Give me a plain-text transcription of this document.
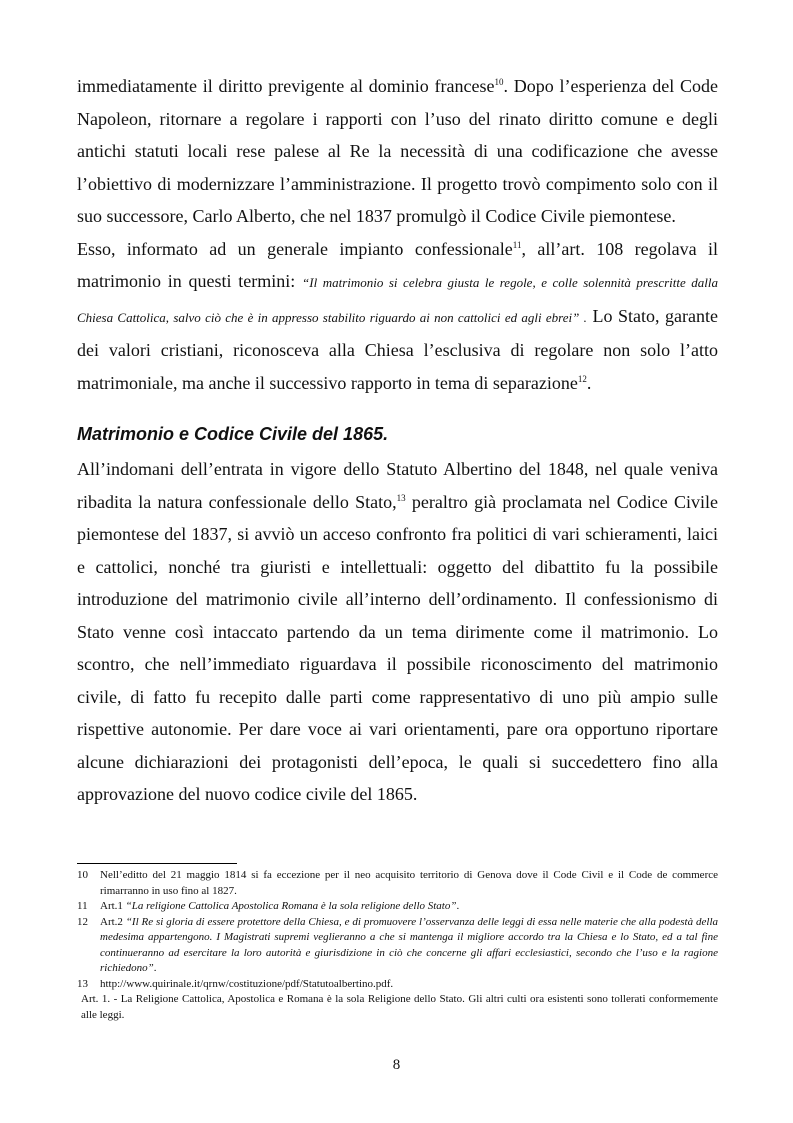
immediatamente il diritto previgente al dominio francese$^{10}$. Dopo l’esperienza del Code Napoleon, ritornare a regolare i rapporti con l’uso del rinato diritto comune e degli antichi statuti locali rese palese al Re la necessità di una codificazione che avesse l’obiettivo di modernizzare l’amministrazione. Il progetto trovò compimento solo con il suo successore, Carlo Alberto, che nel 1837 promulgò il Codice Civile piemontese.

Esso, informato ad un generale impianto confessionale$^{11}$, all’art. 108 regolava il matrimonio in questi termini: “Il matrimonio si celebra giusta le regole, e colle solennità prescritte dalla Chiesa Cattolica, salvo ciò che è in appresso stabilito riguardo ai non cattolici ed agli ebrei” . Lo Stato, garante dei valori cristiani, riconosceva alla Chiesa l’esclusiva di regolare non solo l’atto matrimoniale, ma anche il successivo rapporto in tema di separazione$^{12}$.

Matrimonio e Codice Civile del 1865.

All’indomani dell’entrata in vigore dello Statuto Albertino del 1848, nel quale veniva ribadita la natura confessionale dello Stato,$^{13}$ peraltro già proclamata nel Codice Civile piemontese del 1837, si avviò un acceso confronto fra politici di vari schieramenti, laici e cattolici, nonché tra giuristi e intellettuali: oggetto del dibattito fu la possibile introduzione del matrimonio civile all’interno dell’ordinamento. Il confessionismo di Stato venne così intaccato partendo da un tema dirimente come il matrimonio. Lo scontro, che nell’immediato riguardava il possibile riconoscimento del matrimonio civile, di fatto fu recepito dalle parti come rappresentativo di uno più ampio sulle rispettive autonomie. Per dare voce ai vari orientamenti, pare ora opportuno riportare alcune dichiarazioni dei protagonisti dell’epoca, le quali si succedettero fino alla approvazione del nuovo codice civile del 1865.

10	Nell’editto del 21 maggio 1814 si fa eccezione per il neo acquisito territorio di Genova dove il Code Civil e il Code de commerce rimarranno in uso fino al 1827.
11	Art.1 “La religione Cattolica Apostolica Romana è la sola religione dello Stato”.
12	Art.2 “Il Re si gloria di essere protettore della Chiesa, e di promuovere l’osservanza delle leggi di essa nelle materie che alla podestà della medesima appartengono. I Magistrati supremi veglieranno a che si mantenga il migliore accordo tra la Chiesa e lo Stato, ed a tal fine continueranno ad esercitare la loro autorità e giurisdizione in ciò che concerne gli affari ecclesiastici, secondo che l’uso e la ragione richiedono”.
13	http://www.quirinale.it/qrnw/costituzione/pdf/Statutoalbertino.pdf.

Art. 1. - La Religione Cattolica, Apostolica e Romana è la sola Religione dello Stato. Gli altri culti ora esistenti sono tollerati conformemente alle leggi.

8
